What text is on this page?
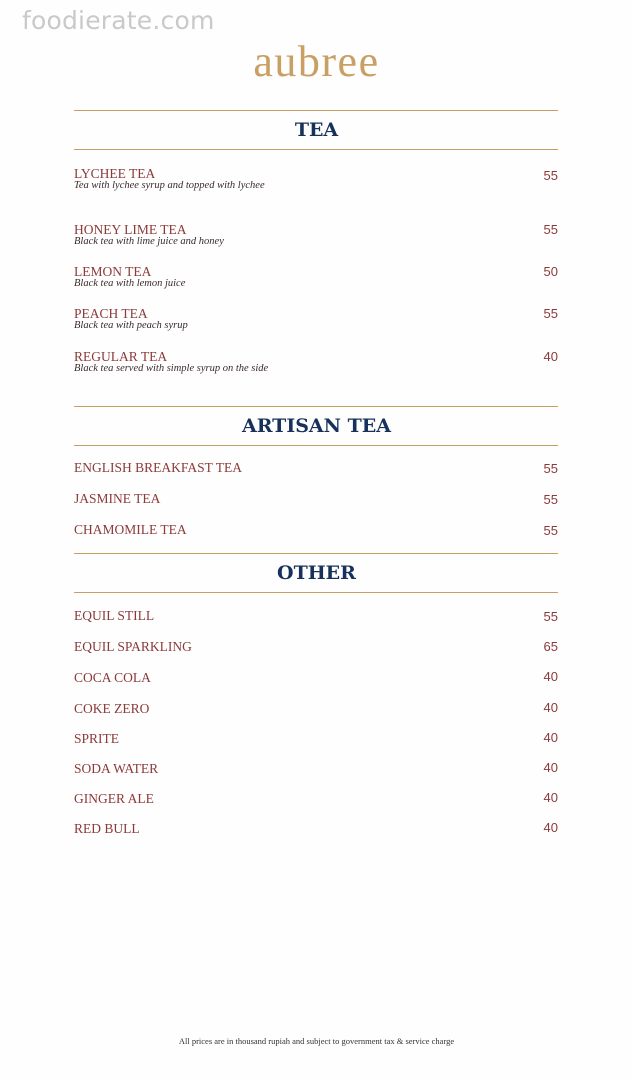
foodierate.com
aubree
TEA
LYCHEE TEA
Tea with lychee syrup and topped with lychee
55
HONEY LIME TEA
Black tea with lime juice and honey
55
LEMON TEA
Black tea with lemon juice
50
PEACH TEA
Black tea with peach syrup
55
REGULAR TEA
Black tea served with simple syrup on the side
40
ARTISAN TEA
ENGLISH BREAKFAST TEA	55
JASMINE TEA	55
CHAMOMILE TEA	55
OTHER
EQUIL STILL	55
EQUIL SPARKLING	65
COCA COLA	40
COKE ZERO	40
SPRITE	40
SODA WATER	40
GINGER ALE	40
RED BULL	40
All prices are in thousand rupiah and subject to government tax & service charge
